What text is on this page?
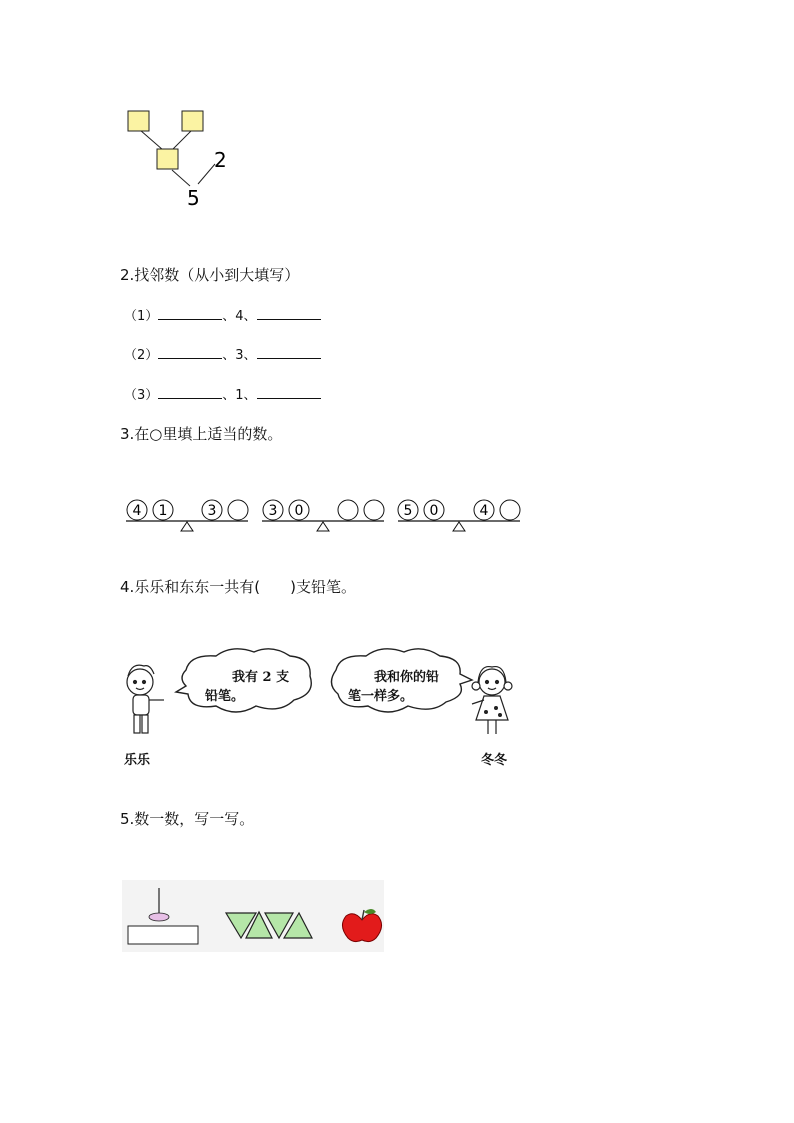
2
5
2.找邻数（从小到大填写）
（1）	、4、
（2）	、3、
（3）	、1、
3.在○里填上适当的数。
4 1	3	3 0	5 0	4
4.乐乐和东东一共有(　　)支铅笔。
我有 2 支
铅笔。
我和你的铅
笔一样多。
乐乐	冬冬
5.数一数，写一写。
